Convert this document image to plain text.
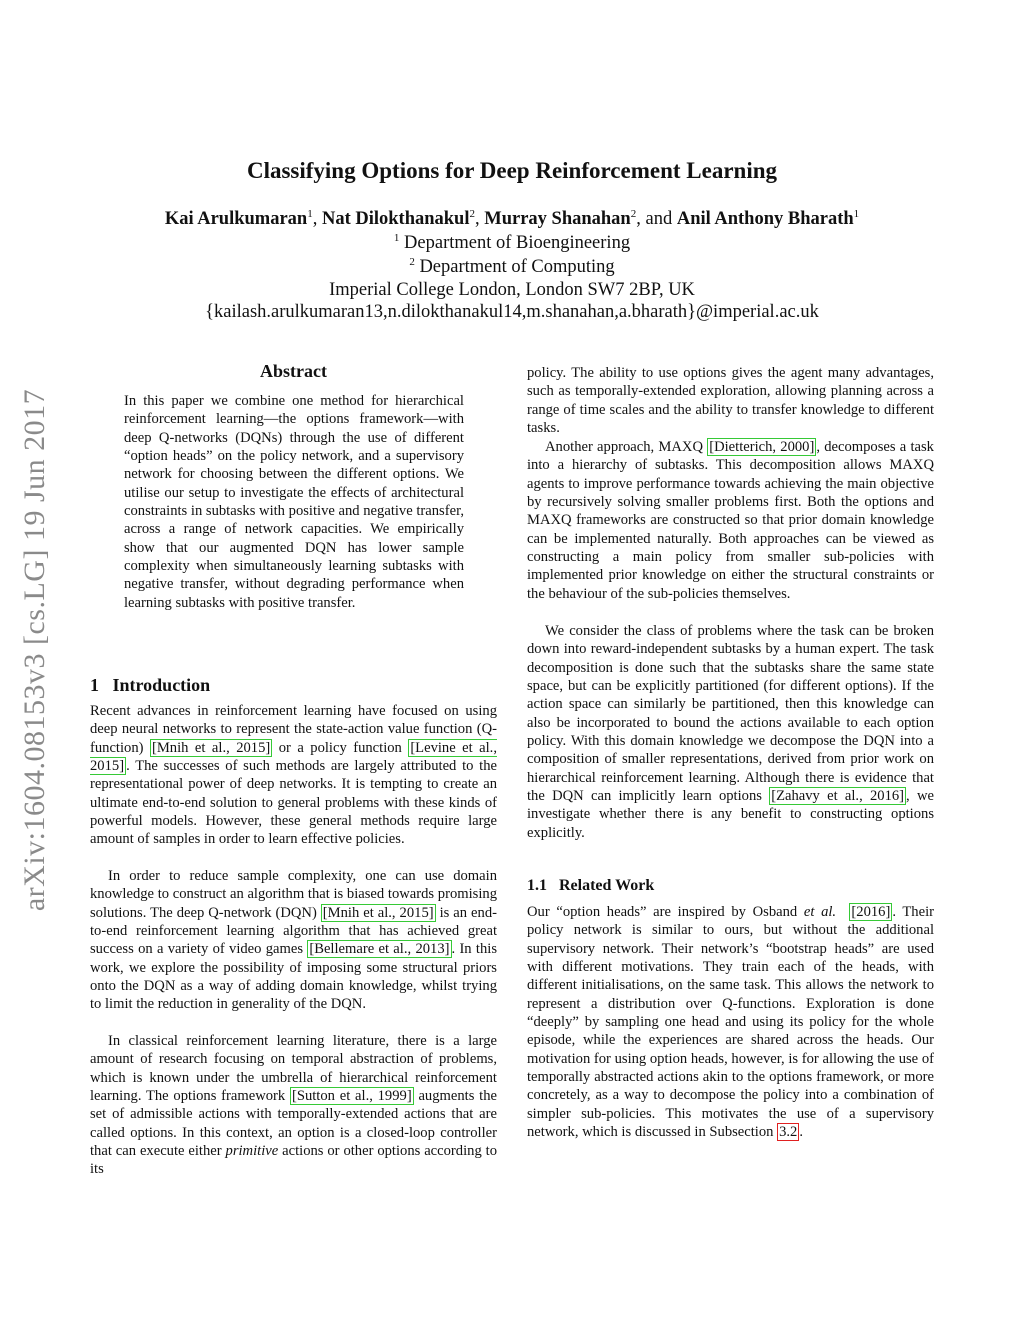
arXiv:1604.08153v3 [cs.LG] 19 Jun 2017
Classifying Options for Deep Reinforcement Learning
Kai Arulkumaran$^1$, Nat Dilokthanakul$^2$, Murray Shanahan$^2$, and Anil Anthony Bharath$^1$
$^1$ Department of Bioengineering
$^2$ Department of Computing
Imperial College London, London SW7 2BP, UK
{kailash.arulkumaran13,n.dilokthanakul14,m.shanahan,a.bharath}@imperial.ac.uk
Abstract
In this paper we combine one method for hierarchical reinforcement learning—the options framework—with deep Q-networks (DQNs) through the use of different “option heads” on the policy network, and a supervisory network for choosing between the different options. We utilise our setup to investigate the effects of architectural constraints in subtasks with positive and negative transfer, across a range of network capacities. We empirically show that our augmented DQN has lower sample complexity when simultaneously learning subtasks with negative transfer, without degrading performance when learning subtasks with positive transfer.
1 Introduction
Recent advances in reinforcement learning have focused on using deep neural networks to represent the state-action value function (Q-function) [Mnih et al., 2015] or a policy function [Levine et al., 2015] . The successes of such methods are largely attributed to the representational power of deep networks. It is tempting to create an ultimate end-to-end solution to general problems with these kinds of powerful models. However, these general methods require large amount of samples in order to learn effective policies.
In order to reduce sample complexity, one can use domain knowledge to construct an algorithm that is biased towards promising solutions. The deep Q-network (DQN) [Mnih et al., 2015] is an end-to-end reinforcement learning algorithm that has achieved great success on a variety of video games [Bellemare et al., 2013] . In this work, we explore the possibility of imposing some structural priors onto the DQN as a way of adding domain knowledge, whilst trying to limit the reduction in generality of the DQN.
In classical reinforcement learning literature, there is a large amount of research focusing on temporal abstraction of problems, which is known under the umbrella of hierarchical reinforcement learning. The options framework [Sutton et al., 1999] augments the set of admissible actions with temporally-extended actions that are called options. In this context, an option is a closed-loop controller that can execute either primitive actions or other options according to its
policy. The ability to use options gives the agent many advantages, such as temporally-extended exploration, allowing planning across a range of time scales and the ability to transfer knowledge to different tasks.
Another approach, MAXQ [Dietterich, 2000] , decomposes a task into a hierarchy of subtasks. This decomposition allows MAXQ agents to improve performance towards achieving the main objective by recursively solving smaller problems first. Both the options and MAXQ frameworks are constructed so that prior domain knowledge can be implemented naturally. Both approaches can be viewed as constructing a main policy from smaller sub-policies with implemented prior knowledge on either the structural constraints or the behaviour of the sub-policies themselves.
We consider the class of problems where the task can be broken down into reward-independent subtasks by a human expert. The task decomposition is done such that the subtasks share the same state space, but can be explicitly partitioned (for different options). If the action space can similarly be partitioned, then this knowledge can also be incorporated to bound the actions available to each option policy. With this domain knowledge we decompose the DQN into a composition of smaller representations, derived from prior work on hierarchical reinforcement learning. Although there is evidence that the DQN can implicitly learn options [Zahavy et al., 2016] , we investigate whether there is any benefit to constructing options explicitly.
1.1 Related Work
Our “option heads” are inspired by Osband et al. [2016] . Their policy network is similar to ours, but without the additional supervisory network. Their network’s “bootstrap heads” are used with different motivations. They train each of the heads, with different initialisations, on the same task. This allows the network to represent a distribution over Q-functions. Exploration is done “deeply” by sampling one head and using its policy for the whole episode, while the experiences are shared across the heads. Our motivation for using option heads, however, is for allowing the use of temporally abstracted actions akin to the options framework, or more concretely, as a way to decompose the policy into a combination of simpler sub-policies. This motivates the use of a supervisory network, which is discussed in Subsection 3.2 .
